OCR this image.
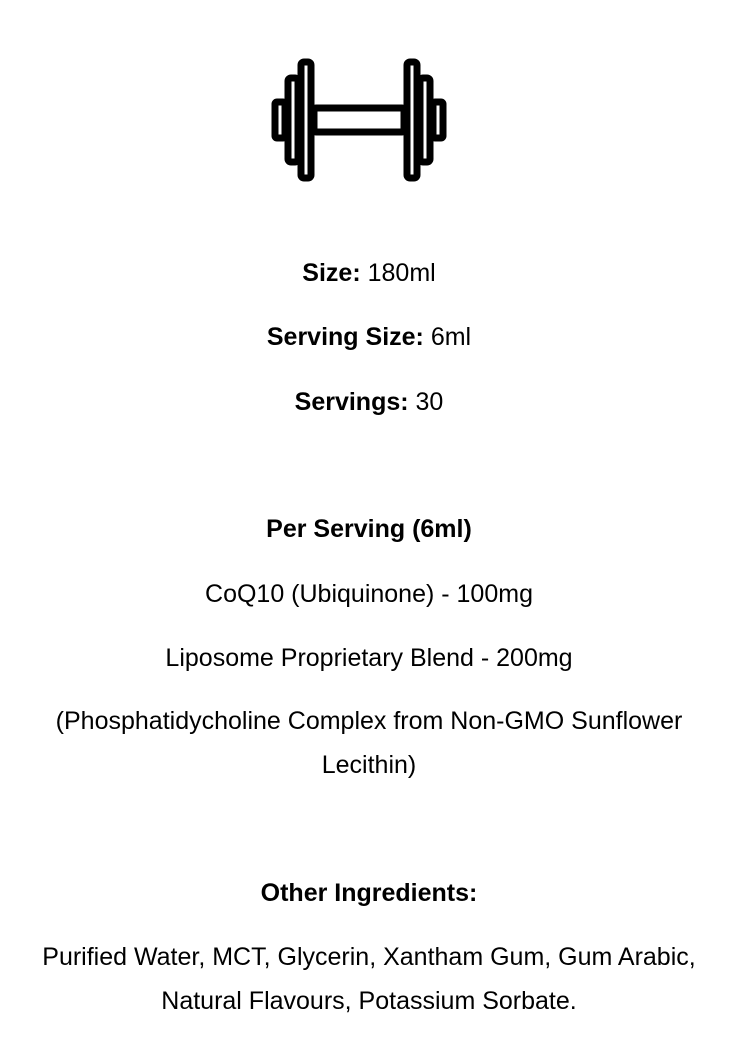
Size: 180ml
Serving Size: 6ml
Servings: 30
Per Serving (6ml)
CoQ10 (Ubiquinone) - 100mg
Liposome Proprietary Blend - 200mg
(Phosphatidycholine Complex from Non-GMO Sunflower Lecithin)
Other Ingredients:
Purified Water, MCT, Glycerin, Xantham Gum, Gum Arabic, Natural Flavours, Potassium Sorbate.
